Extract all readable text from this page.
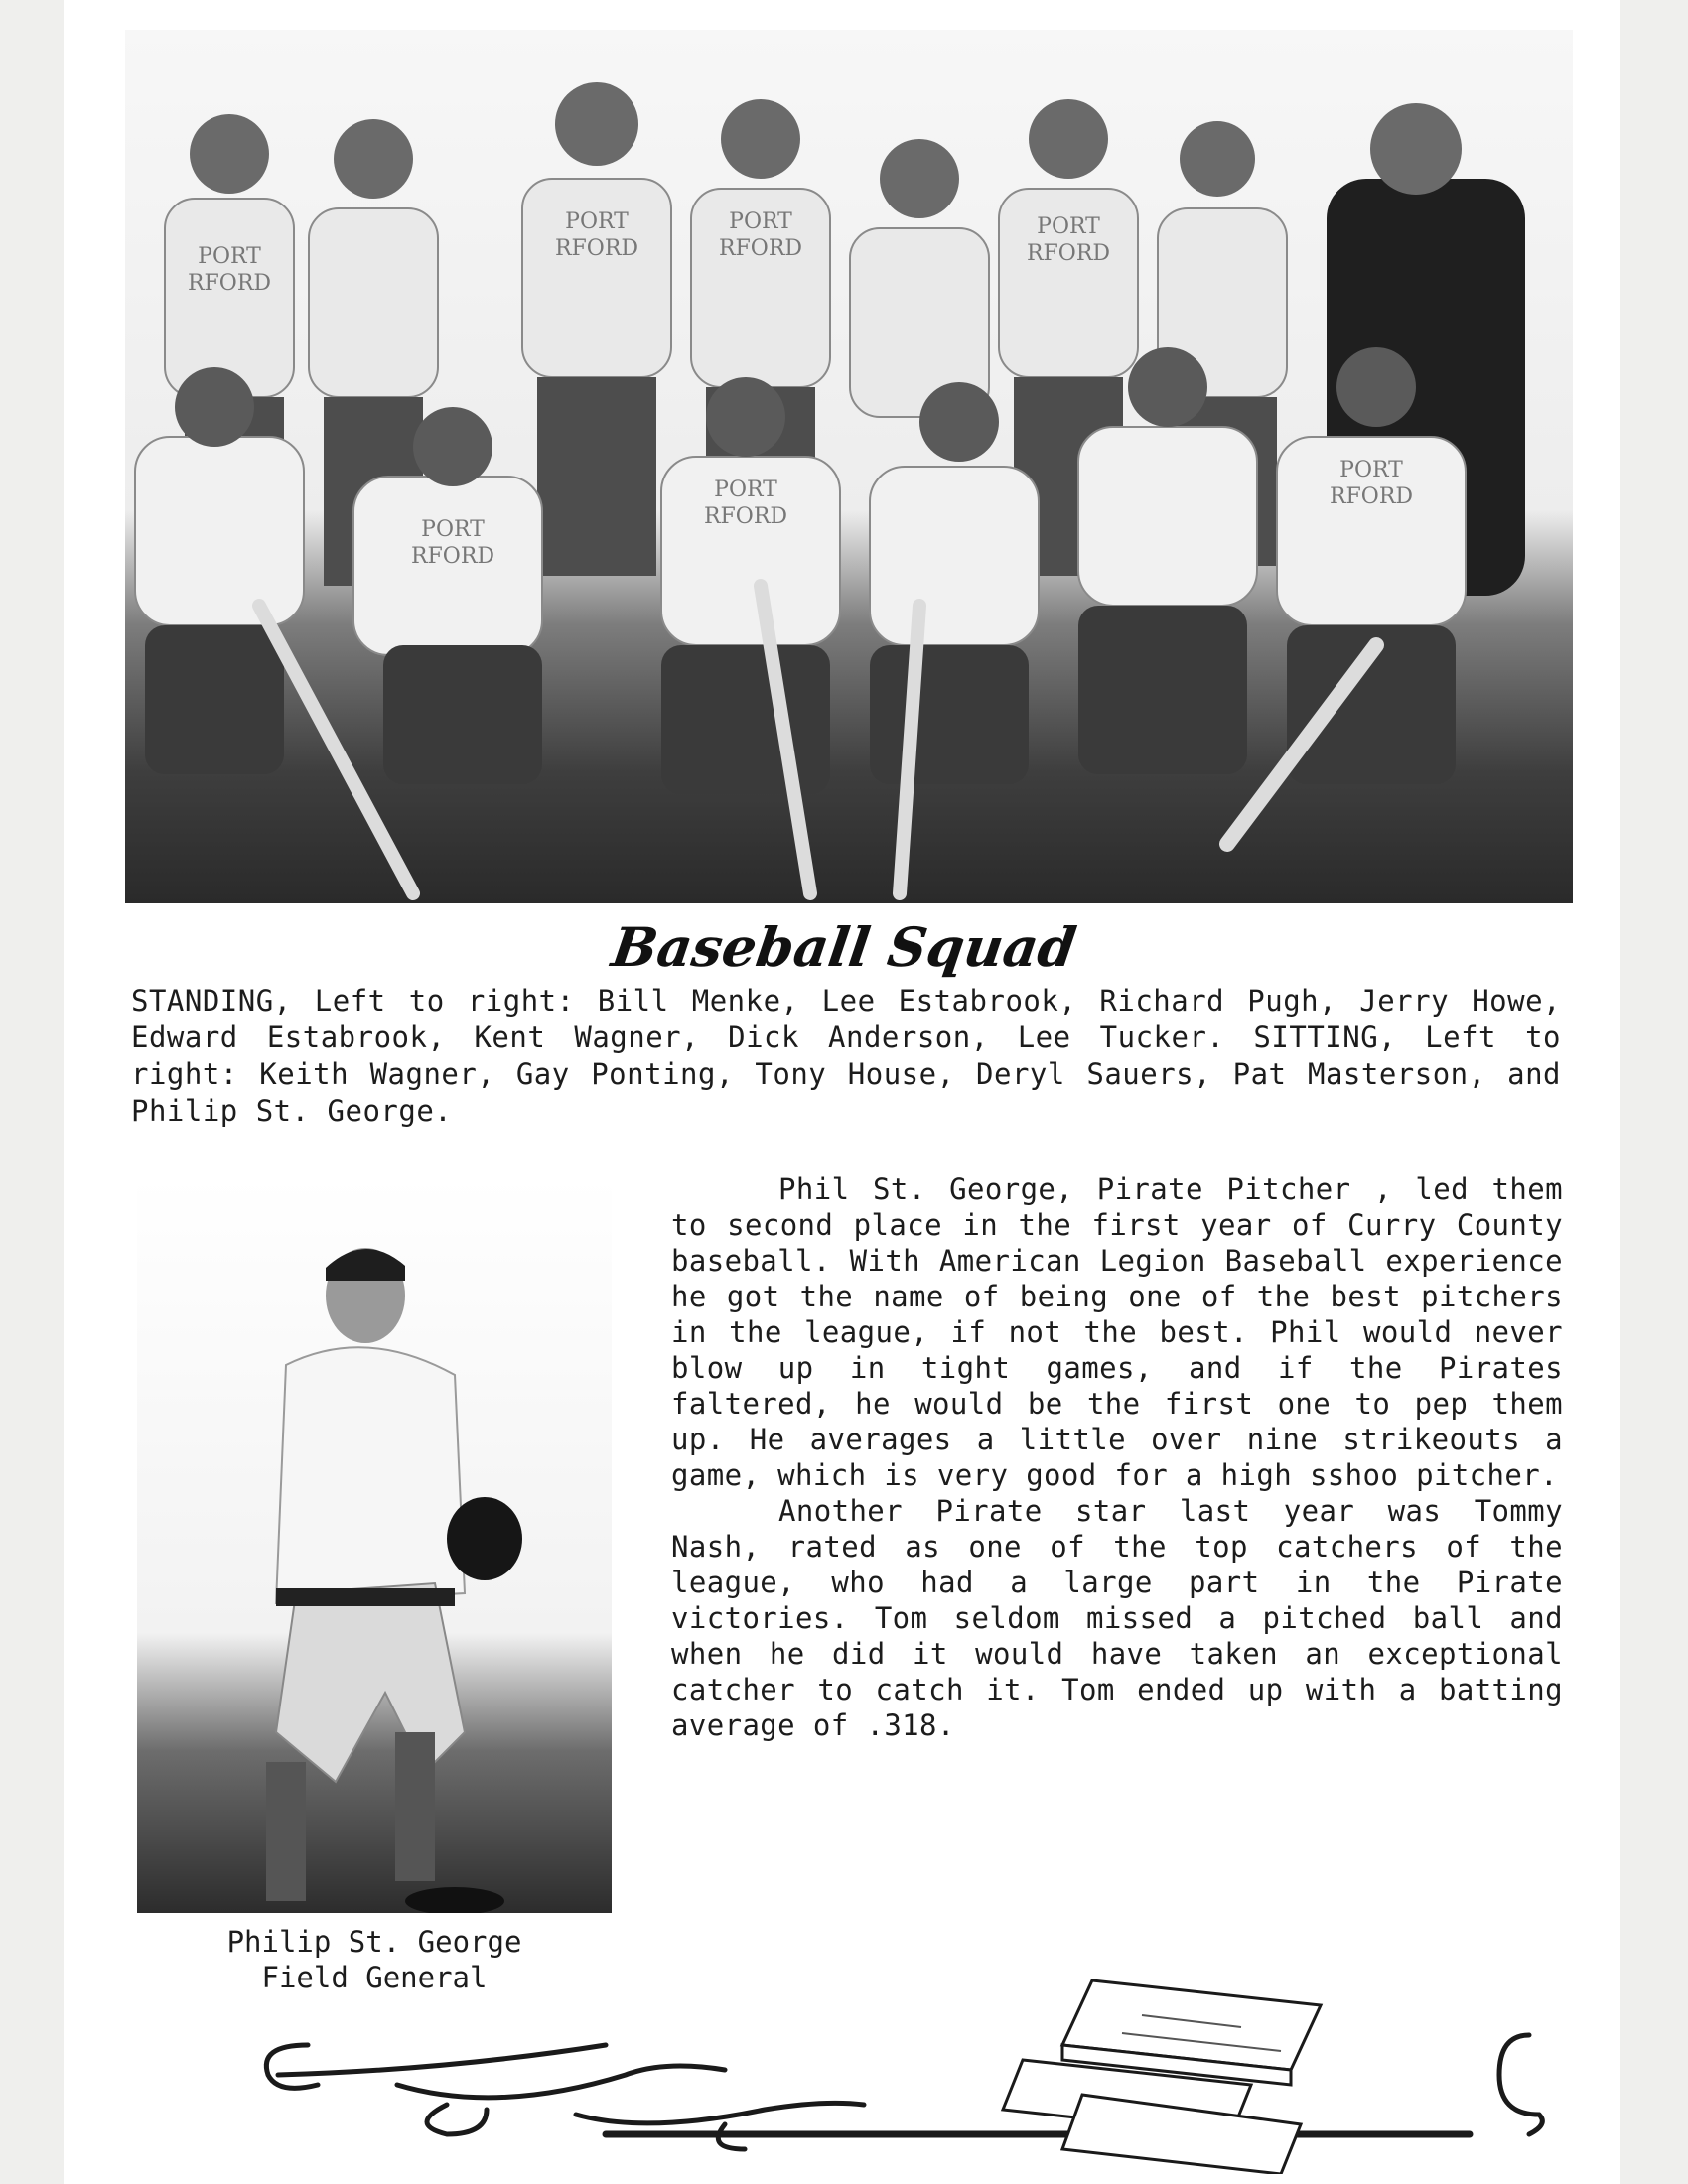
PORT
RFORD
PORT
RFORD
PORT
RFORD
PORT
RFORD
PORT
RFORD
PORT
RFORD
PORT
RFORD
Baseball Squad

STANDING, Left to right: Bill Menke, Lee Estabrook, Richard Pugh, Jerry Howe, Edward Estabrook, Kent Wagner, Dick Anderson, Lee Tucker. SITTING, Left to right: Keith Wagner, Gay Ponting, Tony House, Deryl Sauers, Pat Masterson, and Philip St. George.

Philip St. George
Field General

Phil St. George, Pirate Pitcher , led them to second place in the first year of Curry County baseball. With American Legion Baseball experience he got the name of being one of the best pitchers in the league, if not the best. Phil would never blow up in tight games, and if the Pirates faltered, he would be the first one to pep them up. He averages a little over nine strikeouts a game, which is very good for a high sshoo pitcher.

Another Pirate star last year was Tommy Nash, rated as one of the top catchers of the league, who had a large part in the Pirate victories. Tom seldom missed a pitched ball and when he did it would have taken an exceptional catcher to catch it. Tom ended up with a batting average of .318.
